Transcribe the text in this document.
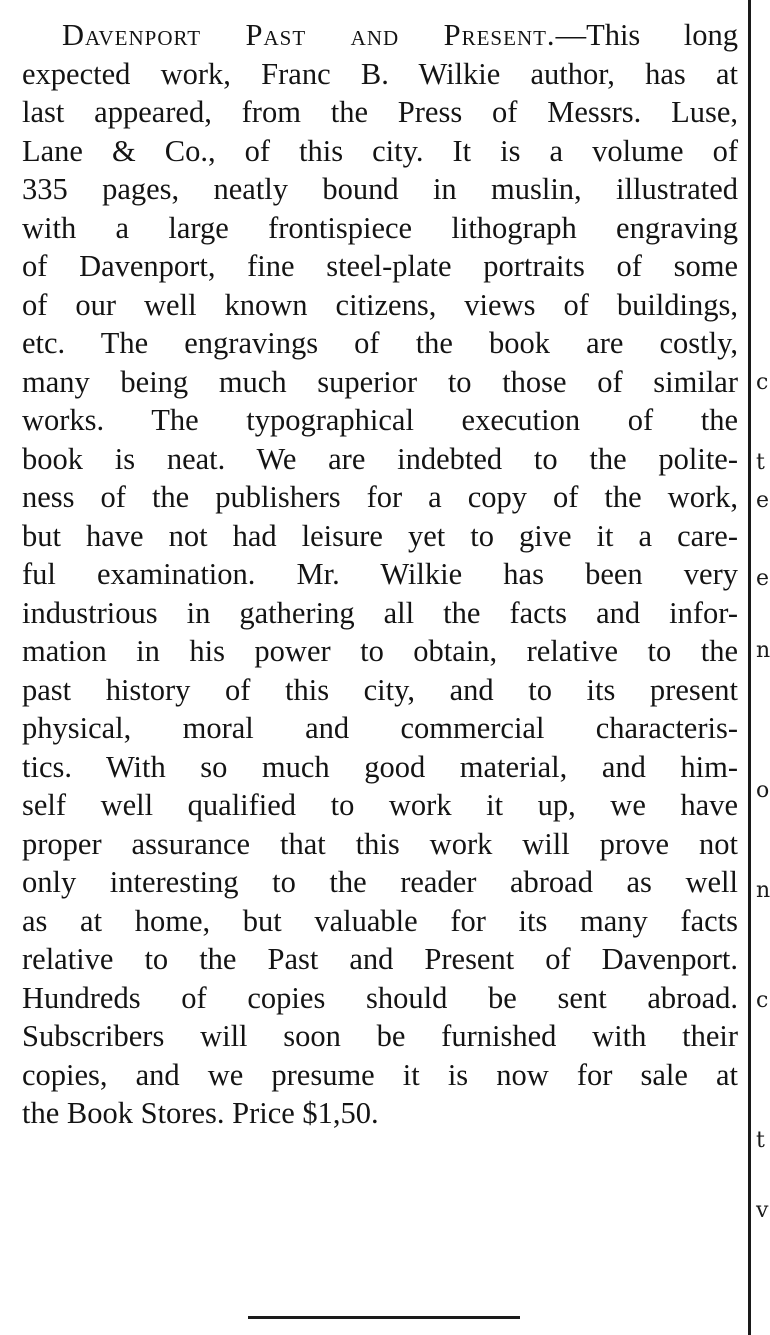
c
t
e
e
n
o
n
c
t
v
Davenport Past and Present.—This long
expected work, Franc B. Wilkie author, has at
last appeared, from the Press of Messrs. Luse,
Lane & Co., of this city. It is a volume of
335 pages, neatly bound in muslin, illustrated
with a large frontispiece lithograph engraving
of Davenport, fine steel-plate portraits of some
of our well known citizens, views of buildings,
etc. The engravings of the book are costly,
many being much superior to those of similar
works. The typographical execution of the
book is neat. We are indebted to the polite-
ness of the publishers for a copy of the work,
but have not had leisure yet to give it a care-
ful examination. Mr. Wilkie has been very
industrious in gathering all the facts and infor-
mation in his power to obtain, relative to the
past history of this city, and to its present
physical, moral and commercial characteris-
tics. With so much good material, and him-
self well qualified to work it up, we have
proper assurance that this work will prove not
only interesting to the reader abroad as well
as at home, but valuable for its many facts
relative to the Past and Present of Davenport.
Hundreds of copies should be sent abroad.
Subscribers will soon be furnished with their
copies, and we presume it is now for sale at
the Book Stores. Price $1,50.
